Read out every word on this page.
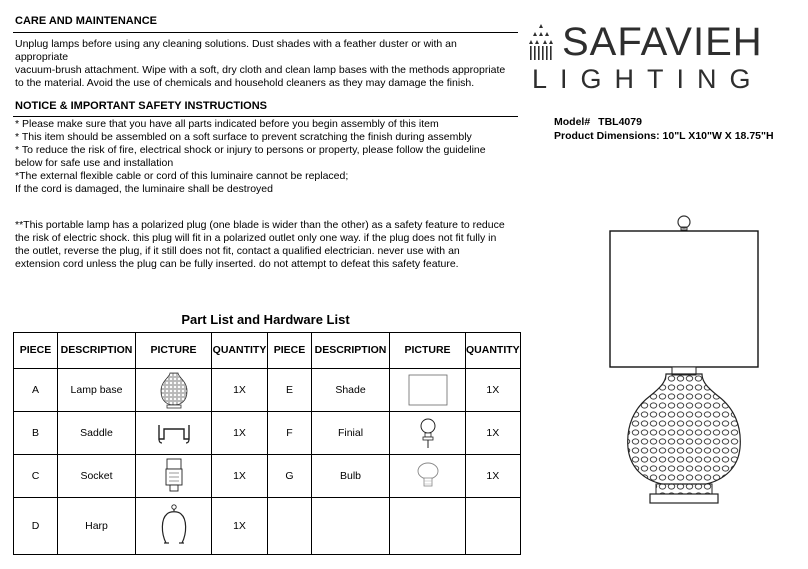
CARE AND MAINTENANCE
Unplug lamps before using any cleaning solutions. Dust shades with a feather duster or with an
appropriate
vacuum-brush attachment. Wipe with a soft, dry cloth and clean lamp bases with the methods appropriate
to the material. Avoid the use of chemicals and household cleaners as they may damage the finish.
NOTICE & IMPORTANT SAFETY INSTRUCTIONS
* Please make sure that you have all parts indicated before you begin assembly of this item
* This item should be assembled on a soft surface to prevent scratching the finish during assembly
* To reduce the risk of fire, electrical shock or injury to persons or property, please follow the guideline
below for safe use and installation
*The external flexible cable or cord of this luminaire cannot be replaced;
If the cord is damaged, the luminaire shall be destroyed
**This portable lamp has a polarized plug (one blade is wider than the other) as a safety feature to reduce
the risk of electric shock. this plug will fit in a polarized outlet only one way. if the plug does not fit fully in
the outlet, reverse the plug, if it still does not fit, contact a qualified electrician. never use with an
extension cord unless the plug can be fully inserted. do not attempt to defeat this safety feature.
SAFAVIEH
LIGHTING
Model# TBL4079
Product Dimensions: 10"L X10"W X 18.75"H
Part List and Hardware List
PIECE	DESCRIPTION	PICTURE	QUANTITY	PIECE	DESCRIPTION	PICTURE	QUANTITY
A	Lamp base		1X	E	Shade		1X
B	Saddle		1X	F	Finial		1X
C	Socket		1X	G	Bulb		1X
D	Harp		1X				
